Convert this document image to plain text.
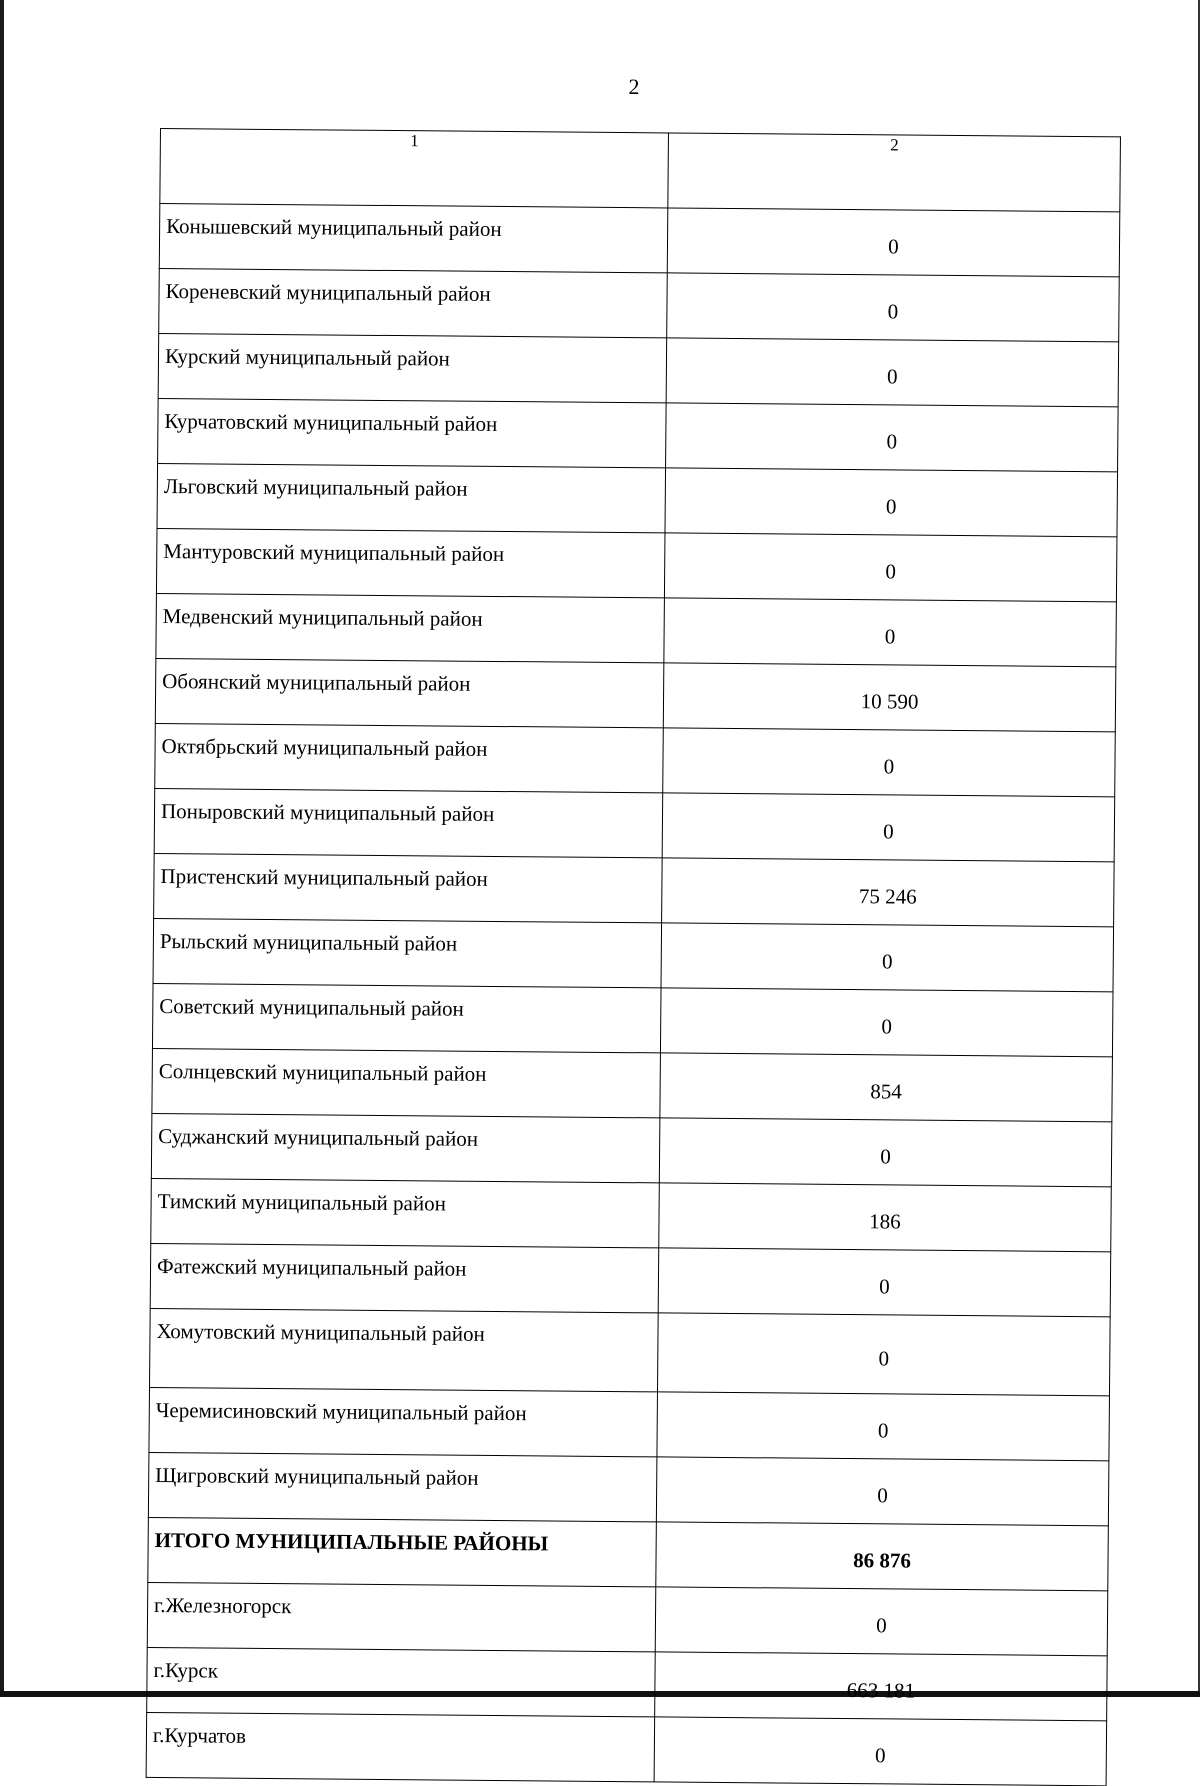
2
1	2
Конышевский муниципальный район	0
Кореневский муниципальный район	0
Курский муниципальный район	0
Курчатовский муниципальный район	0
Льговский муниципальный район	0
Мантуровский муниципальный район	0
Медвенский муниципальный район	0
Обоянский муниципальный район	10 590
Октябрьский муниципальный район	0
Поныровский муниципальный район	0
Пристенский муниципальный район	75 246
Рыльский муниципальный район	0
Советский муниципальный район	0
Солнцевский муниципальный район	854
Суджанский муниципальный район	0
Тимский муниципальный район	186
Фатежский муниципальный район	0
Хомутовский муниципальный район	0
Черемисиновский муниципальный район	0
Щигровский муниципальный район	0
ИТОГО МУНИЦИПАЛЬНЫЕ РАЙОНЫ	86 876
г.Железногорск	0
г.Курск	663 181
г.Курчатов	0
